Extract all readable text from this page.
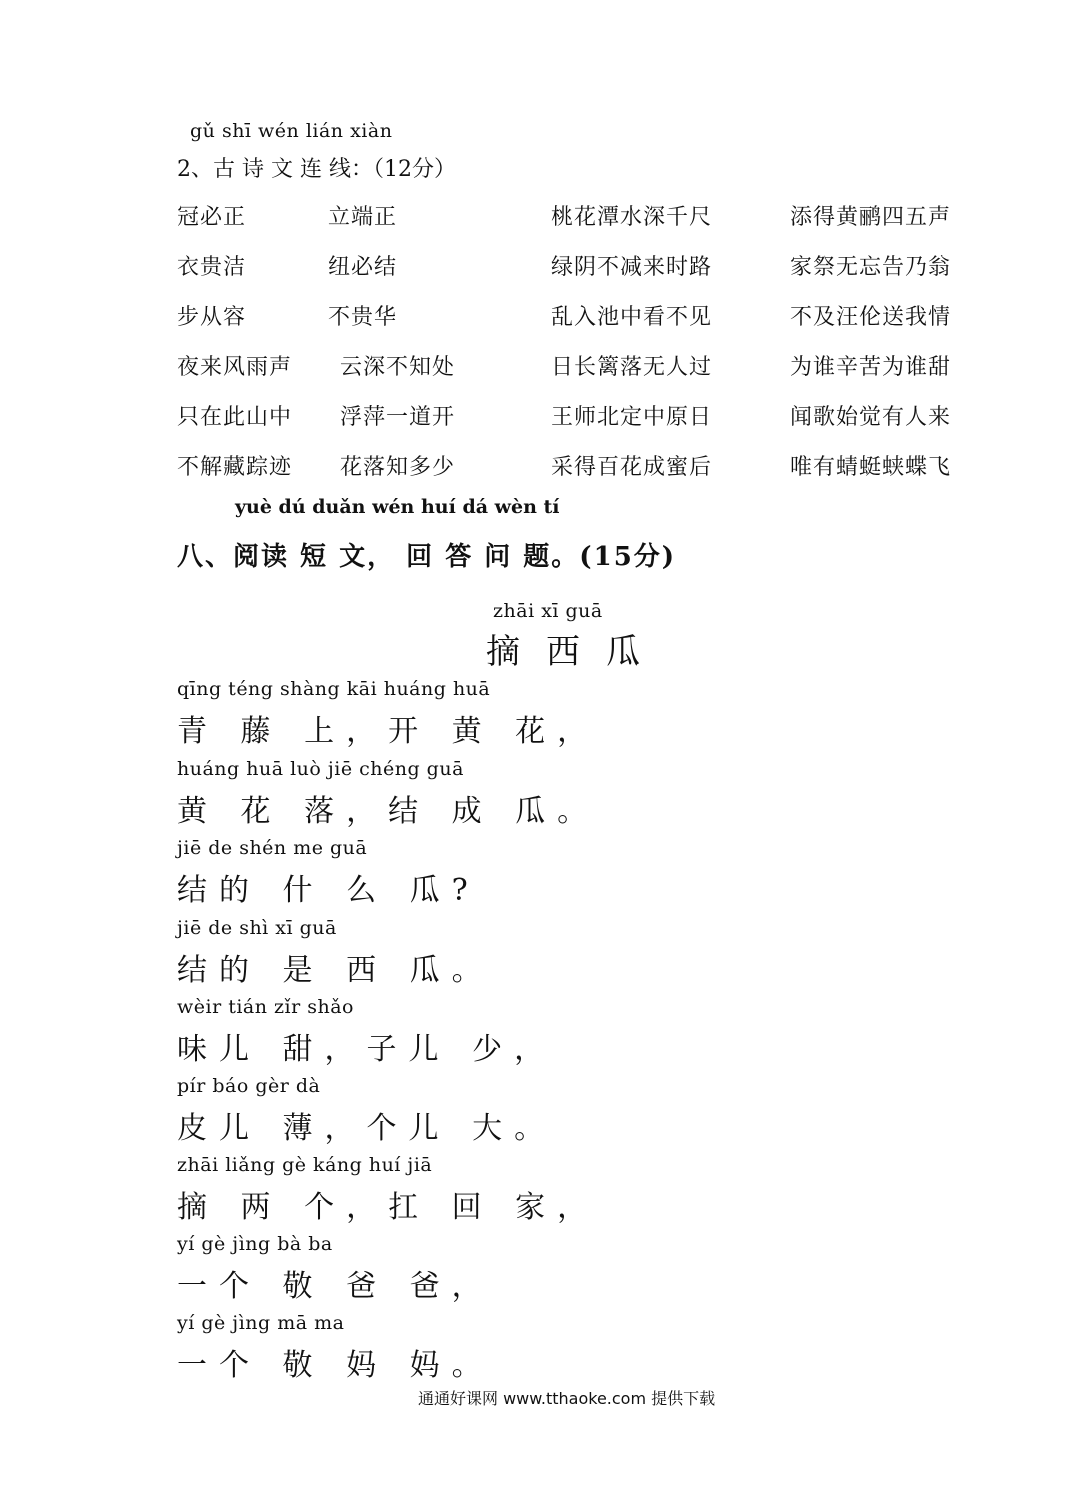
gǔ shī wén lián xiàn
2、古 诗 文 连 线：（12分）
冠必正
衣贵洁
步从容
夜来风雨声
只在此山中
不解藏踪迹
立端正
纽必结
不贵华
云深不知处
浮萍一道开
花落知多少
桃花潭水深千尺
绿阴不减来时路
乱入池中看不见
日长篱落无人过
王师北定中原日
采得百花成蜜后
添得黄鹂四五声
家祭无忘告乃翁
不及汪伦送我情
为谁辛苦为谁甜
闻歌始觉有人来
唯有蜻蜓蛱蝶飞
yuè dú duǎn wén huí dá wèn tí
八、阅读 短 文， 回 答 问 题。(15分)
zhāi xī guā
摘西瓜
qīng téng shàng kāi huáng huā
青 藤 上，开 黄 花，
huáng huā luò jiē chéng guā
黄 花 落，结 成 瓜。
jiē de shén me guā
结的 什 么 瓜?
jiē de shì xī guā
结的 是 西 瓜。
wèir tián zǐr shǎo
味儿 甜，子儿 少，
pír báo gèr dà
皮儿 薄，个儿 大。
zhāi liǎng gè káng huí jiā
摘 两 个，扛 回 家，
yí gè jìng bà ba
一个 敬 爸 爸，
yí gè jìng mā ma
一个 敬 妈 妈。
通通好课网 www.tthaoke.com 提供下载
